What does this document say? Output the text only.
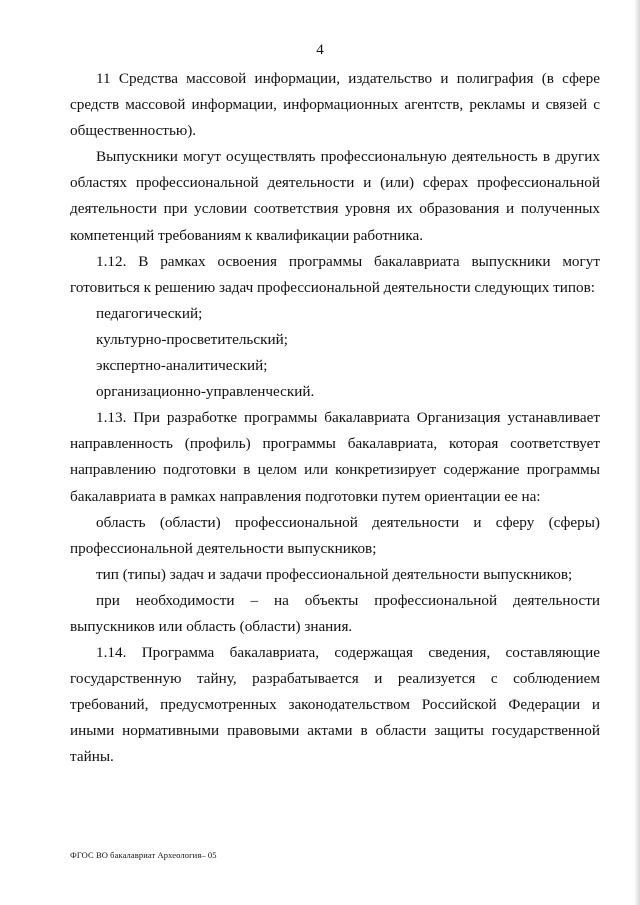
4

11 Средства массовой информации, издательство и полиграфия (в сфере средств массовой информации, информационных агентств, рекламы и связей с общественностью).

Выпускники могут осуществлять профессиональную деятельность в других областях профессиональной деятельности и (или) сферах профессиональной деятельности при условии соответствия уровня их образования и полученных компетенций требованиям к квалификации работника.

1.12. В рамках освоения программы бакалавриата выпускники могут готовиться к решению задач профессиональной деятельности следующих типов:

педагогический;

культурно-просветительский;

экспертно-аналитический;

организационно-управленческий.

1.13. При разработке программы бакалавриата Организация устанавливает направленность (профиль) программы бакалавриата, которая соответствует направлению подготовки в целом или конкретизирует содержание программы бакалавриата в рамках направления подготовки путем ориентации ее на:

область (области) профессиональной деятельности и сферу (сферы) профессиональной деятельности выпускников;

тип (типы) задач и задачи профессиональной деятельности выпускников;

при необходимости – на объекты профессиональной деятельности выпускников или область (области) знания.

1.14. Программа бакалавриата, содержащая сведения, составляющие государственную тайну, разрабатывается и реализуется с соблюдением требований, предусмотренных законодательством Российской Федерации и иными нормативными правовыми актами в области защиты государственной тайны.

ФГОС ВО бакалавриат Археология– 05
